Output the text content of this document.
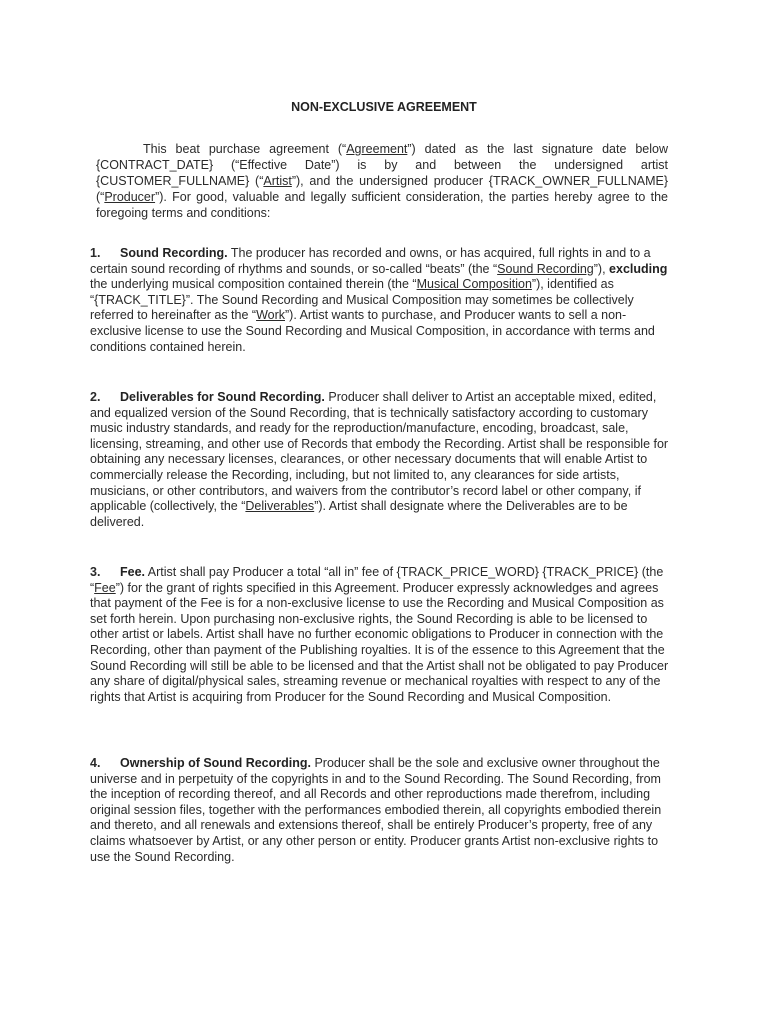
NON-EXCLUSIVE AGREEMENT
This beat purchase agreement (“Agreement”) dated as the last signature date below {CONTRACT_DATE} (“Effective Date”) is by and between the undersigned artist {CUSTOMER_FULLNAME} (“Artist”), and the undersigned producer {TRACK_OWNER_FULLNAME} (“Producer”). For good, valuable and legally sufficient consideration, the parties hereby agree to the foregoing terms and conditions:
1. Sound Recording. The producer has recorded and owns, or has acquired, full rights in and to a certain sound recording of rhythms and sounds, or so-called “beats” (the “Sound Recording”), excluding the underlying musical composition contained therein (the “Musical Composition”), identified as “{TRACK_TITLE}”. The Sound Recording and Musical Composition may sometimes be collectively referred to hereinafter as the “Work”). Artist wants to purchase, and Producer wants to sell a non-exclusive license to use the Sound Recording and Musical Composition, in accordance with terms and conditions contained herein.
2. Deliverables for Sound Recording. Producer shall deliver to Artist an acceptable mixed, edited, and equalized version of the Sound Recording, that is technically satisfactory according to customary music industry standards, and ready for the reproduction/manufacture, encoding, broadcast, sale, licensing, streaming, and other use of Records that embody the Recording. Artist shall be responsible for obtaining any necessary licenses, clearances, or other necessary documents that will enable Artist to commercially release the Recording, including, but not limited to, any clearances for side artists, musicians, or other contributors, and waivers from the contributor’s record label or other company, if applicable (collectively, the “Deliverables”). Artist shall designate where the Deliverables are to be delivered.
3. Fee. Artist shall pay Producer a total “all in” fee of {TRACK_PRICE_WORD} {TRACK_PRICE} (the “Fee”) for the grant of rights specified in this Agreement. Producer expressly acknowledges and agrees that payment of the Fee is for a non-exclusive license to use the Recording and Musical Composition as set forth herein. Upon purchasing non-exclusive rights, the Sound Recording is able to be licensed to other artist or labels. Artist shall have no further economic obligations to Producer in connection with the Recording, other than payment of the Publishing royalties. It is of the essence to this Agreement that the Sound Recording will still be able to be licensed and that the Artist shall not be obligated to pay Producer any share of digital/physical sales, streaming revenue or mechanical royalties with respect to any of the rights that Artist is acquiring from Producer for the Sound Recording and Musical Composition.
4. Ownership of Sound Recording. Producer shall be the sole and exclusive owner throughout the universe and in perpetuity of the copyrights in and to the Sound Recording. The Sound Recording, from the inception of recording thereof, and all Records and other reproductions made therefrom, including original session files, together with the performances embodied therein, all copyrights embodied therein and thereto, and all renewals and extensions thereof, shall be entirely Producer’s property, free of any claims whatsoever by Artist, or any other person or entity. Producer grants Artist non-exclusive rights to use the Sound Recording.
